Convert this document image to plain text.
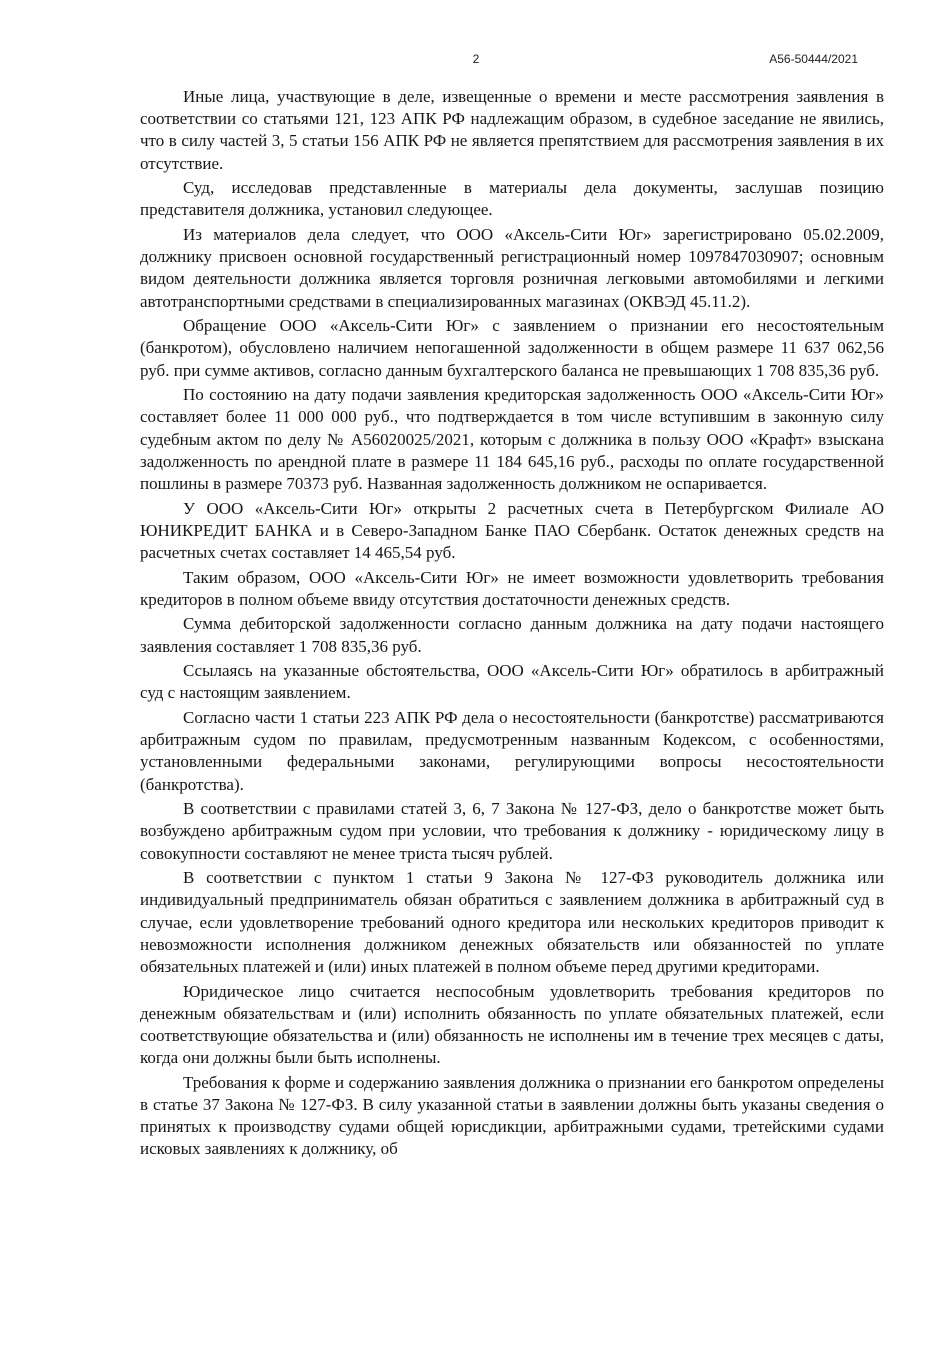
2	А56-50444/2021

Иные лица, участвующие в деле, извещенные о времени и месте рассмотрения заявления в соответствии со статьями 121, 123 АПК РФ надлежащим образом, в судебное заседание не явились, что в силу частей 3, 5 статьи 156 АПК РФ не является препятствием для рассмотрения заявления в их отсутствие.

Суд, исследовав представленные в материалы дела документы, заслушав позицию представителя должника, установил следующее.

Из материалов дела следует, что ООО «Аксель-Сити Юг» зарегистрировано 05.02.2009, должнику присвоен основной государственный регистрационный номер 1097847030907; основным видом деятельности должника является торговля розничная легковыми автомобилями и легкими автотранспортными средствами в специализированных магазинах (ОКВЭД 45.11.2).

Обращение ООО «Аксель-Сити Юг» с заявлением о признании его несостоятельным (банкротом), обусловлено наличием непогашенной задолженности в общем размере 11 637 062,56 руб. при сумме активов, согласно данным бухгалтерского баланса не превышающих 1 708 835,36 руб.

По состоянию на дату подачи заявления кредиторская задолженность ООО «Аксель-Сити Юг» составляет более 11 000 000 руб., что подтверждается в том числе вступившим в законную силу судебным актом по делу № А56020025/2021, которым с должника в пользу ООО «Крафт» взыскана задолженность по арендной плате в размере 11 184 645,16 руб., расходы по оплате государственной пошлины в размере 70373 руб. Названная задолженность должником не оспаривается.

У ООО «Аксель-Сити Юг» открыты 2 расчетных счета в Петербургском Филиале АО ЮНИКРЕДИТ БАНКА и в Северо-Западном Банке ПАО Сбербанк. Остаток денежных средств на расчетных счетах составляет 14 465,54 руб.

Таким образом, ООО «Аксель-Сити Юг» не имеет возможности удовлетворить требования кредиторов в полном объеме ввиду отсутствия достаточности денежных средств.

Сумма дебиторской задолженности согласно данным должника на дату подачи настоящего заявления составляет 1 708 835,36 руб.

Ссылаясь на указанные обстоятельства, ООО «Аксель-Сити Юг» обратилось в арбитражный суд с настоящим заявлением.

Согласно части 1 статьи 223 АПК РФ дела о несостоятельности (банкротстве) рассматриваются арбитражным судом по правилам, предусмотренным названным Кодексом, с особенностями, установленными федеральными законами, регулирующими вопросы несостоятельности (банкротства).

В соответствии с правилами статей 3, 6, 7 Закона № 127-ФЗ, дело о банкротстве может быть возбуждено арбитражным судом при условии, что требования к должнику - юридическому лицу в совокупности составляют не менее триста тысяч рублей.

В соответствии с пунктом 1 статьи 9 Закона № 127-ФЗ руководитель должника или индивидуальный предприниматель обязан обратиться с заявлением должника в арбитражный суд в случае, если удовлетворение требований одного кредитора или нескольких кредиторов приводит к невозможности исполнения должником денежных обязательств или обязанностей по уплате обязательных платежей и (или) иных платежей в полном объеме перед другими кредиторами.

Юридическое лицо считается неспособным удовлетворить требования кредиторов по денежным обязательствам и (или) исполнить обязанность по уплате обязательных платежей, если соответствующие обязательства и (или) обязанность не исполнены им в течение трех месяцев с даты, когда они должны были быть исполнены.

Требования к форме и содержанию заявления должника о признании его банкротом определены в статье 37 Закона № 127-ФЗ. В силу указанной статьи в заявлении должны быть указаны сведения о принятых к производству судами общей юрисдикции, арбитражными судами, третейскими судами исковых заявлениях к должнику, об
